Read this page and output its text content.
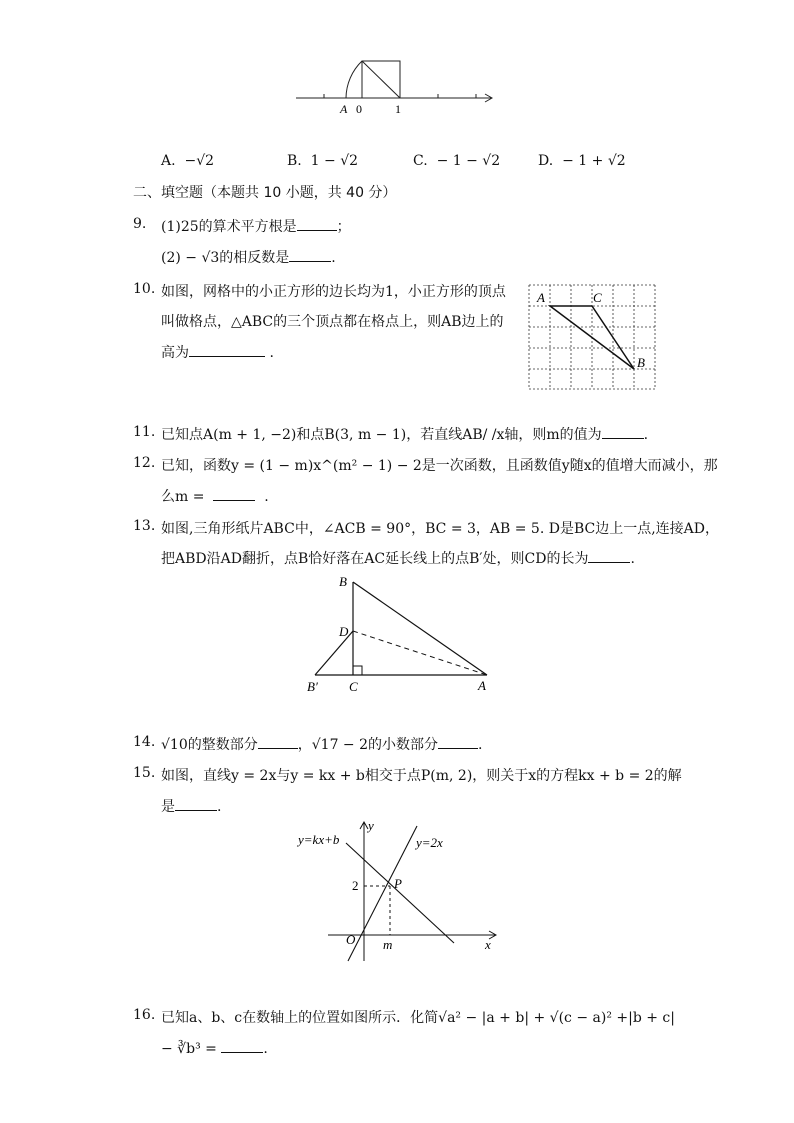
A 0	1
A. −√2	B. 1 − √2	C. − 1 − √2	D. − 1 + √2
二、填空题（本题共 10 小题，共 40 分）
9. (1)25的算术平方根是	；
(2) − √3的相反数是	.
10. 如图，网格中的小正方形的边长均为1，小正方形的顶点
叫做格点，△ABC的三个顶点都在格点上，则AB边上的
高为	.
A	C
B
11. 已知点A(m + 1, −2)和点B(3, m − 1)，若直线AB/ /x轴，则m的值为	.
12. 已知，函数y = (1 − m)x^(m² − 1) − 2是一次函数，且函数值y随x的值增大而减小，那
么m =	.
13. 如图,三角形纸片ABC中，∠ACB = 90°，BC = 3，AB = 5. D是BC边上一点,连接AD，
把ABD沿AD翻折，点B恰好落在AC延长线上的点B′处，则CD的长为	.
B
D
B′ C	A
14. √10的整数部分	，√17 − 2的小数部分	.
15. 如图，直线y = 2x与y = kx + b相交于点P(m, 2)，则关于x的方程kx + b = 2的解
是	.
y=kx+b	y=2x
y
x
O
P
2
m
16. 已知a、b、c在数轴上的位置如图所示．化简√a² − |a + b| + √(c − a)² +|b + c|
− ∛b³ =	.
